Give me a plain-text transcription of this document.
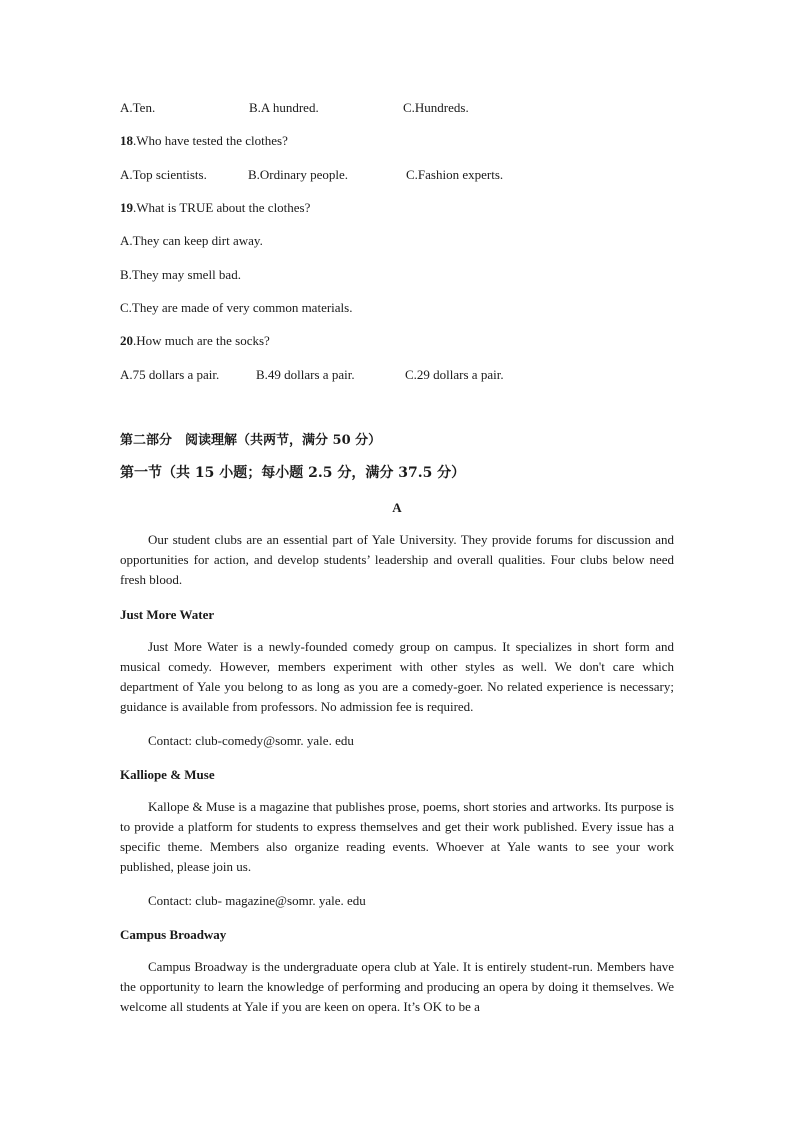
A.Ten.	B.A hundred.	C.Hundreds.
18.Who have tested the clothes?
A.Top scientists.	B.Ordinary people.	C.Fashion experts.
19.What is TRUE about the clothes?
A.They can keep dirt away.
B.They may smell bad.
C.They are made of very common materials.
20.How much are the socks?
A.75 dollars a pair.	B.49 dollars a pair.	C.29 dollars a pair.
第二部分　阅读理解（共两节，满分 50 分）
第一节（共 15 小题；每小题 2.5 分，满分 37.5 分）
A
Our student clubs are an essential part of Yale University. They provide forums for discussion and opportunities for action, and develop students’ leadership and overall qualities. Four clubs below need fresh blood.
Just More Water
Just More Water is a newly-founded comedy group on campus. It specializes in short form and musical comedy. However, members experiment with other styles as well. We don't care which department of Yale you belong to as long as you are a comedy-goer. No related experience is necessary; guidance is available from professors. No admission fee is required.
Contact: club-comedy@somr. yale. edu
Kalliope & Muse
Kallope & Muse is a magazine that publishes prose, poems, short stories and artworks. Its purpose is to provide a platform for students to express themselves and get their work published. Every issue has a specific theme. Members also organize reading events. Whoever at Yale wants to see your work published, please join us.
Contact: club- magazine@somr. yale. edu
Campus Broadway
Campus Broadway is the undergraduate opera club at Yale. It is entirely student-run. Members have the opportunity to learn the knowledge of performing and producing an opera by doing it themselves. We welcome all students at Yale if you are keen on opera. It’s OK to be a
